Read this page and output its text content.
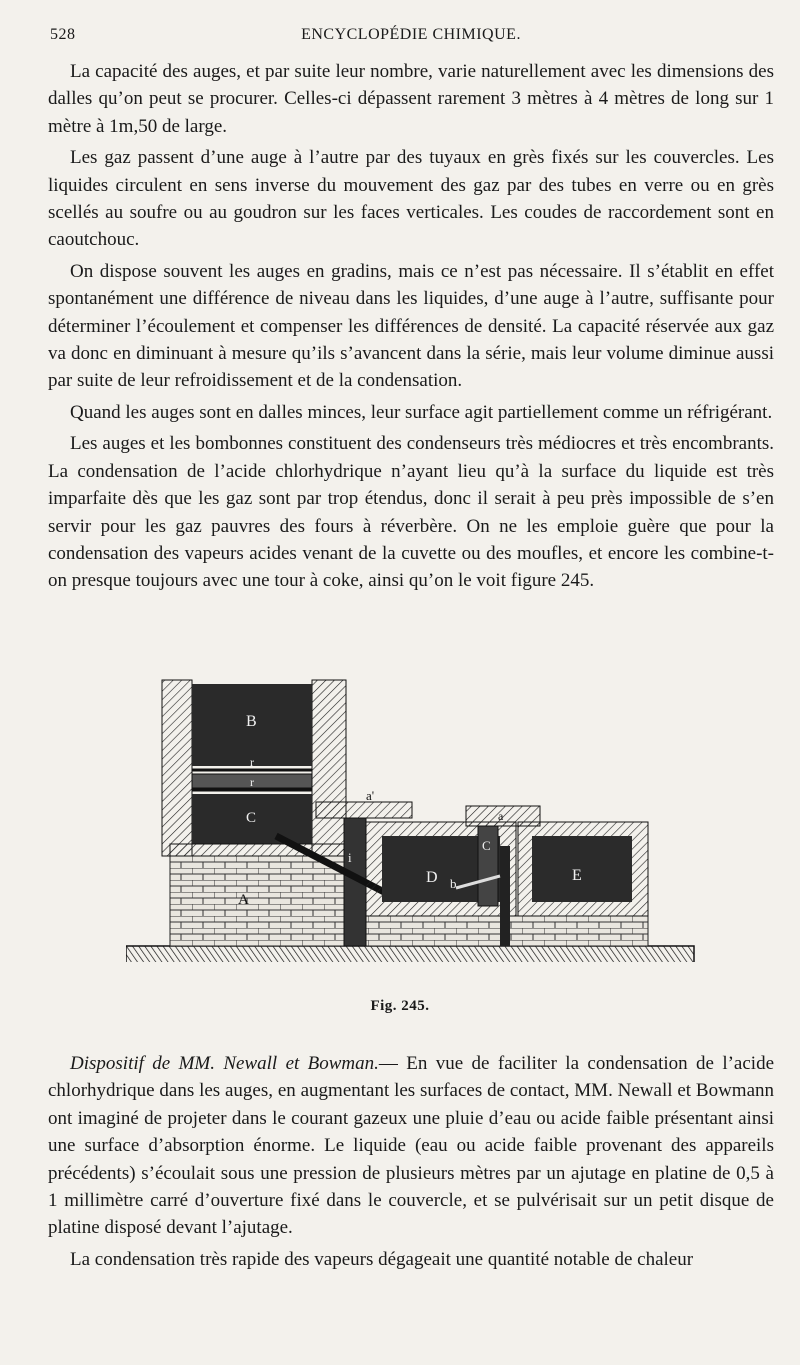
528	ENCYCLOPÉDIE CHIMIQUE.

La capacité des auges, et par suite leur nombre, varie naturellement avec les dimensions des dalles qu’on peut se procurer. Celles-ci dépassent rarement 3 mètres à 4 mètres de long sur 1 mètre à 1m,50 de large.

Les gaz passent d’une auge à l’autre par des tuyaux en grès fixés sur les couvercles. Les liquides circulent en sens inverse du mouvement des gaz par des tubes en verre ou en grès scellés au soufre ou au goudron sur les faces verticales. Les coudes de raccordement sont en caoutchouc.

On dispose souvent les auges en gradins, mais ce n’est pas nécessaire. Il s’établit en effet spontanément une différence de niveau dans les liquides, d’une auge à l’autre, suffisante pour déterminer l’écoulement et compenser les différences de densité. La capacité réservée aux gaz va donc en diminuant à mesure qu’ils s’avancent dans la série, mais leur volume diminue aussi par suite de leur refroidissement et de la condensation.

Quand les auges sont en dalles minces, leur surface agit partiellement comme un réfrigérant.

Les auges et les bombonnes constituent des condenseurs très médiocres et très encombrants. La condensation de l’acide chlorhydrique n’ayant lieu qu’à la surface du liquide est très imparfaite dès que les gaz sont par trop étendus, donc il serait à peu près impossible de s’en servir pour les gaz pauvres des fours à réverbère. On ne les emploie guère que pour la condensation des vapeurs acides venant de la cuvette ou des moufles, et encore les combine-t-on presque toujours avec une tour à coke, ainsi qu’on le voit figure 245.

B
r
r
C
a'
a
i
C
D b	E
A
Fig. 245.

Dispositif de MM. Newall et Bowman.— En vue de faciliter la condensation de l’acide chlorhydrique dans les auges, en augmentant les surfaces de contact, MM. Newall et Bowmann ont imaginé de projeter dans le courant gazeux une pluie d’eau ou acide faible présentant ainsi une surface d’absorption énorme. Le liquide (eau ou acide faible provenant des appareils précédents) s’écoulait sous une pression de plusieurs mètres par un ajutage en platine de 0,5 à 1 millimètre carré d’ouverture fixé dans le couvercle, et se pulvérisait sur un petit disque de platine disposé devant l’ajutage.

La condensation très rapide des vapeurs dégageait une quantité notable de chaleur
